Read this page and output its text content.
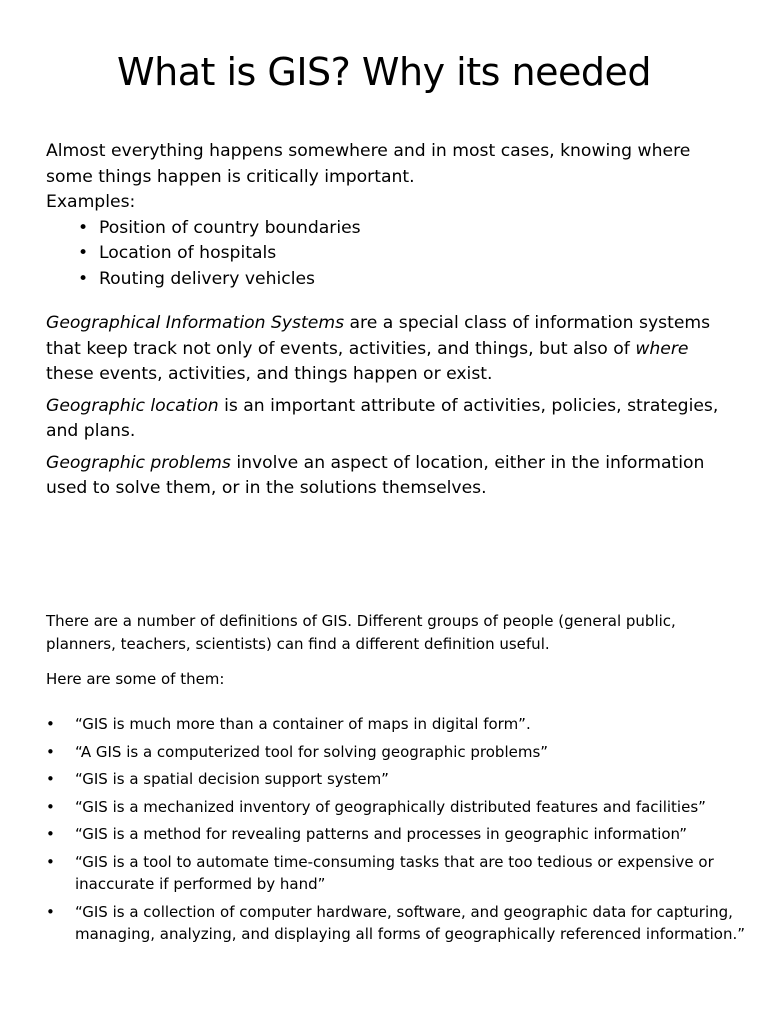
What is GIS? Why its needed

Almost everything happens somewhere and in most cases, knowing where some things happen is critically important.

Examples:

• Position of country boundaries
• Location of hospitals
• Routing delivery vehicles

Geographical Information Systems are a special class of information systems that keep track not only of events, activities, and things, but also of where these events, activities, and things happen or exist.

Geographic location is an important attribute of activities, policies, strategies, and plans.

Geographic problems involve an aspect of location, either in the information used to solve them, or in the solutions themselves.

There are a number of definitions of GIS. Different groups of people (general public, planners, teachers, scientists) can find a different definition useful.

Here are some of them:

• “GIS is much more than a container of maps in digital form”.
• “A GIS is a computerized tool for solving geographic problems”
• “GIS is a spatial decision support system”
• “GIS is a mechanized inventory of geographically distributed features and facilities”
• “GIS is a method for revealing patterns and processes in geographic information”
• “GIS is a tool to automate time-consuming tasks that are too tedious or expensive or inaccurate if performed by hand”
• “GIS is a collection of computer hardware, software, and geographic data for capturing, managing, analyzing, and displaying all forms of geographically referenced information.”
